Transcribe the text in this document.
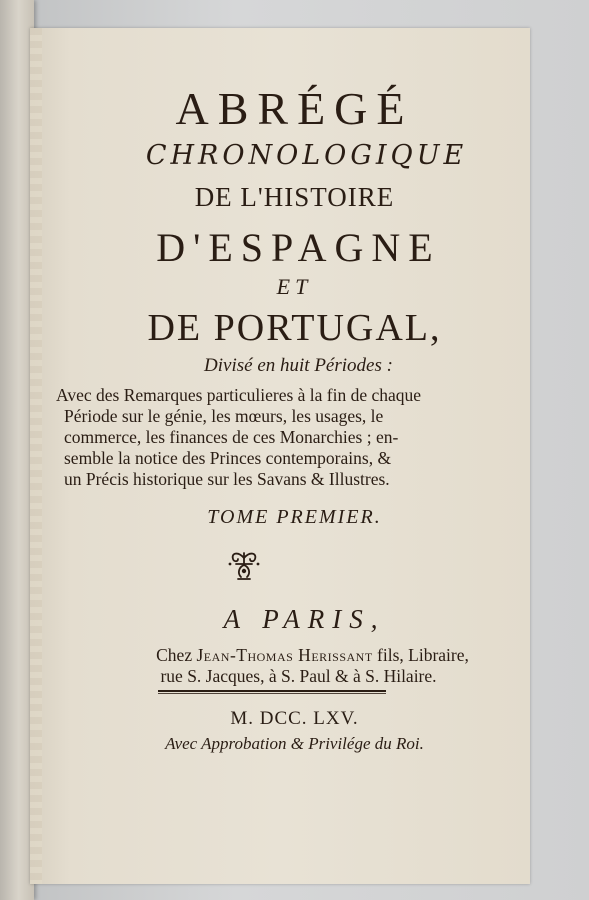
ABRÉGÉ
CHRONOLOGIQUE
DE L'HISTOIRE
D'ESPAGNE
ET
DE PORTUGAL,
Divisé en huit Périodes :
Avec des Remarques particulieres à la fin de chaque
Période sur le génie, les mœurs, les usages, le
commerce, les finances de ces Monarchies ; en-
semble la notice des Princes contemporains, &
un Précis historique sur les Savans & Illustres.
TOME PREMIER.
A PARIS,
Chez Jean-Thomas Herissant fils, Libraire,
rue S. Jacques, à S. Paul & à S. Hilaire.
M. DCC. LXV.
Avec Approbation & Privilége du Roi.
